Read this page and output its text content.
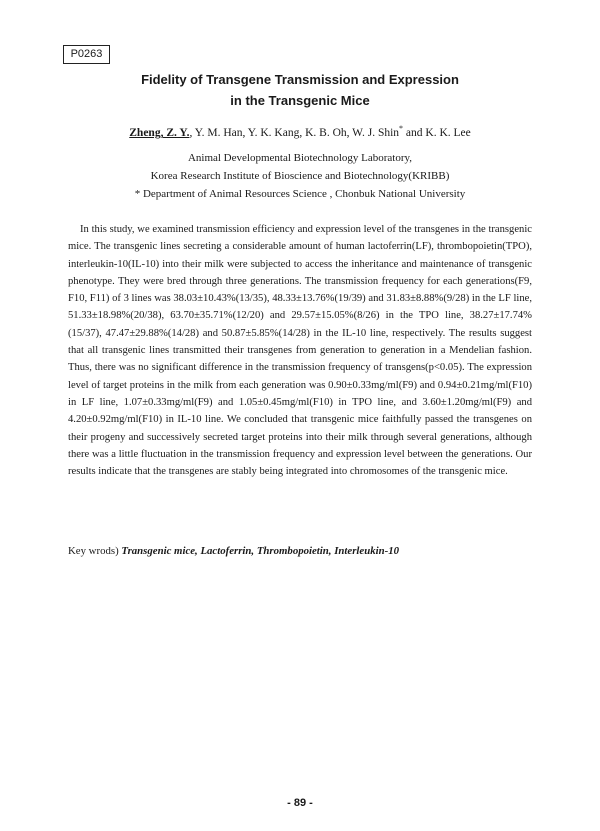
P0263
Fidelity of Transgene Transmission and Expression
in the Transgenic Mice
Zheng, Z. Y., Y. M. Han, Y. K. Kang, K. B. Oh, W. J. Shin* and K. K. Lee
Animal Developmental Biotechnology Laboratory,
Korea Research Institute of Bioscience and Biotechnology(KRIBB)
* Department of Animal Resources Science , Chonbuk National University

In this study, we examined transmission efficiency and expression level of the transgenes in the transgenic mice. The transgenic lines secreting a considerable amount of human lactoferrin(LF), thrombopoietin(TPO), interleukin-10(IL-10) into their milk were subjected to access the inheritance and maintenance of transgenic phenotype. They were bred through three generations. The transmission frequency for each generations(F9, F10, F11) of 3 lines was 38.03±10.43%(13/35), 48.33±13.76%(19/39) and 31.83±8.88%(9/28) in the LF line, 51.33±18.98%(20/38), 63.70±35.71%(12/20) and 29.57±15.05%(8/26) in the TPO line, 38.27±17.74%(15/37), 47.47±29.88%(14/28) and 50.87±5.85%(14/28) in the IL-10 line, respectively. The results suggest that all transgenic lines transmitted their transgenes from generation to generation in a Mendelian fashion. Thus, there was no significant difference in the transmission frequency of transgens(p<0.05). The expression level of target proteins in the milk from each generation was 0.90±0.33mg/ml(F9) and 0.94±0.21mg/ml(F10) in LF line, 1.07±0.33mg/ml(F9) and 1.05±0.45mg/ml(F10) in TPO line, and 3.60±1.20mg/ml(F9) and 4.20±0.92mg/ml(F10) in IL-10 line. We concluded that transgenic mice faithfully passed the transgenes on their progeny and successively secreted target proteins into their milk through several generations, although there was a little fluctuation in the transmission frequency and expression level between the generations. Our results indicate that the transgenes are stably being integrated into chromosomes of the transgenic mice.

Key wrods) Transgenic mice, Lactoferrin, Thrombopoietin, Interleukin-10
- 89 -
